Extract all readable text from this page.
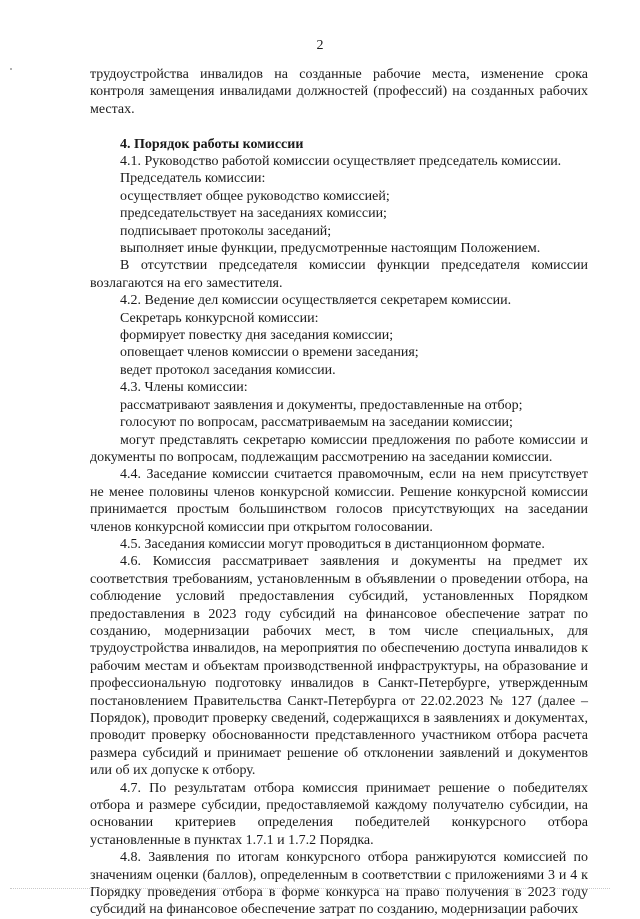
2

трудоустройства инвалидов на созданные рабочие места, изменение срока контроля замещения инвалидами должностей (профессий) на созданных рабочих местах.

4. Порядок работы комиссии

4.1. Руководство работой комиссии осуществляет председатель комиссии.

Председатель комиссии:

осуществляет общее руководство комиссией;

председательствует на заседаниях комиссии;

подписывает протоколы заседаний;

выполняет иные функции, предусмотренные настоящим Положением.

В отсутствии председателя комиссии функции председателя комиссии возлагаются на его заместителя.

4.2. Ведение дел комиссии осуществляется секретарем комиссии.

Секретарь конкурсной комиссии:

формирует повестку дня заседания комиссии;

оповещает членов комиссии о времени заседания;

ведет протокол заседания комиссии.

4.3. Члены комиссии:

рассматривают заявления и документы, предоставленные на отбор;

голосуют по вопросам, рассматриваемым на заседании комиссии;

могут представлять секретарю комиссии предложения по работе комиссии и документы по вопросам, подлежащим рассмотрению на заседании комиссии.

4.4. Заседание комиссии считается правомочным, если на нем присутствует не менее половины членов конкурсной комиссии. Решение конкурсной комиссии принимается простым большинством голосов присутствующих на заседании членов конкурсной комиссии при открытом голосовании.

4.5. Заседания комиссии могут проводиться в дистанционном формате.

4.6. Комиссия рассматривает заявления и документы на предмет их соответствия требованиям, установленным в объявлении о проведении отбора, на соблюдение условий предоставления субсидий, установленных Порядком предоставления в 2023 году субсидий на финансовое обеспечение затрат по созданию, модернизации рабочих мест, в том числе специальных, для трудоустройства инвалидов, на мероприятия по обеспечению доступа инвалидов к рабочим местам и объектам производственной инфраструктуры, на образование и профессиональную подготовку инвалидов в Санкт-Петербурге, утвержденным постановлением Правительства Санкт-Петербурга от 22.02.2023 № 127 (далее – Порядок), проводит проверку сведений, содержащихся в заявлениях и документах, проводит проверку обоснованности представленного участником отбора расчета размера субсидий и принимает решение об отклонении заявлений и документов или об их допуске к отбору.

4.7. По результатам отбора комиссия принимает решение о победителях отбора и размере субсидии, предоставляемой каждому получателю субсидии, на основании критериев определения победителей конкурсного отбора установленные в пунктах 1.7.1 и 1.7.2 Порядка.

4.8. Заявления по итогам конкурсного отбора ранжируются комиссией по значениям оценки (баллов), определенным в соответствии с приложениями 3 и 4 к Порядку проведения отбора в форме конкурса на право получения в 2023 году субсидий на финансовое обеспечение затрат по созданию, модернизации рабочих
